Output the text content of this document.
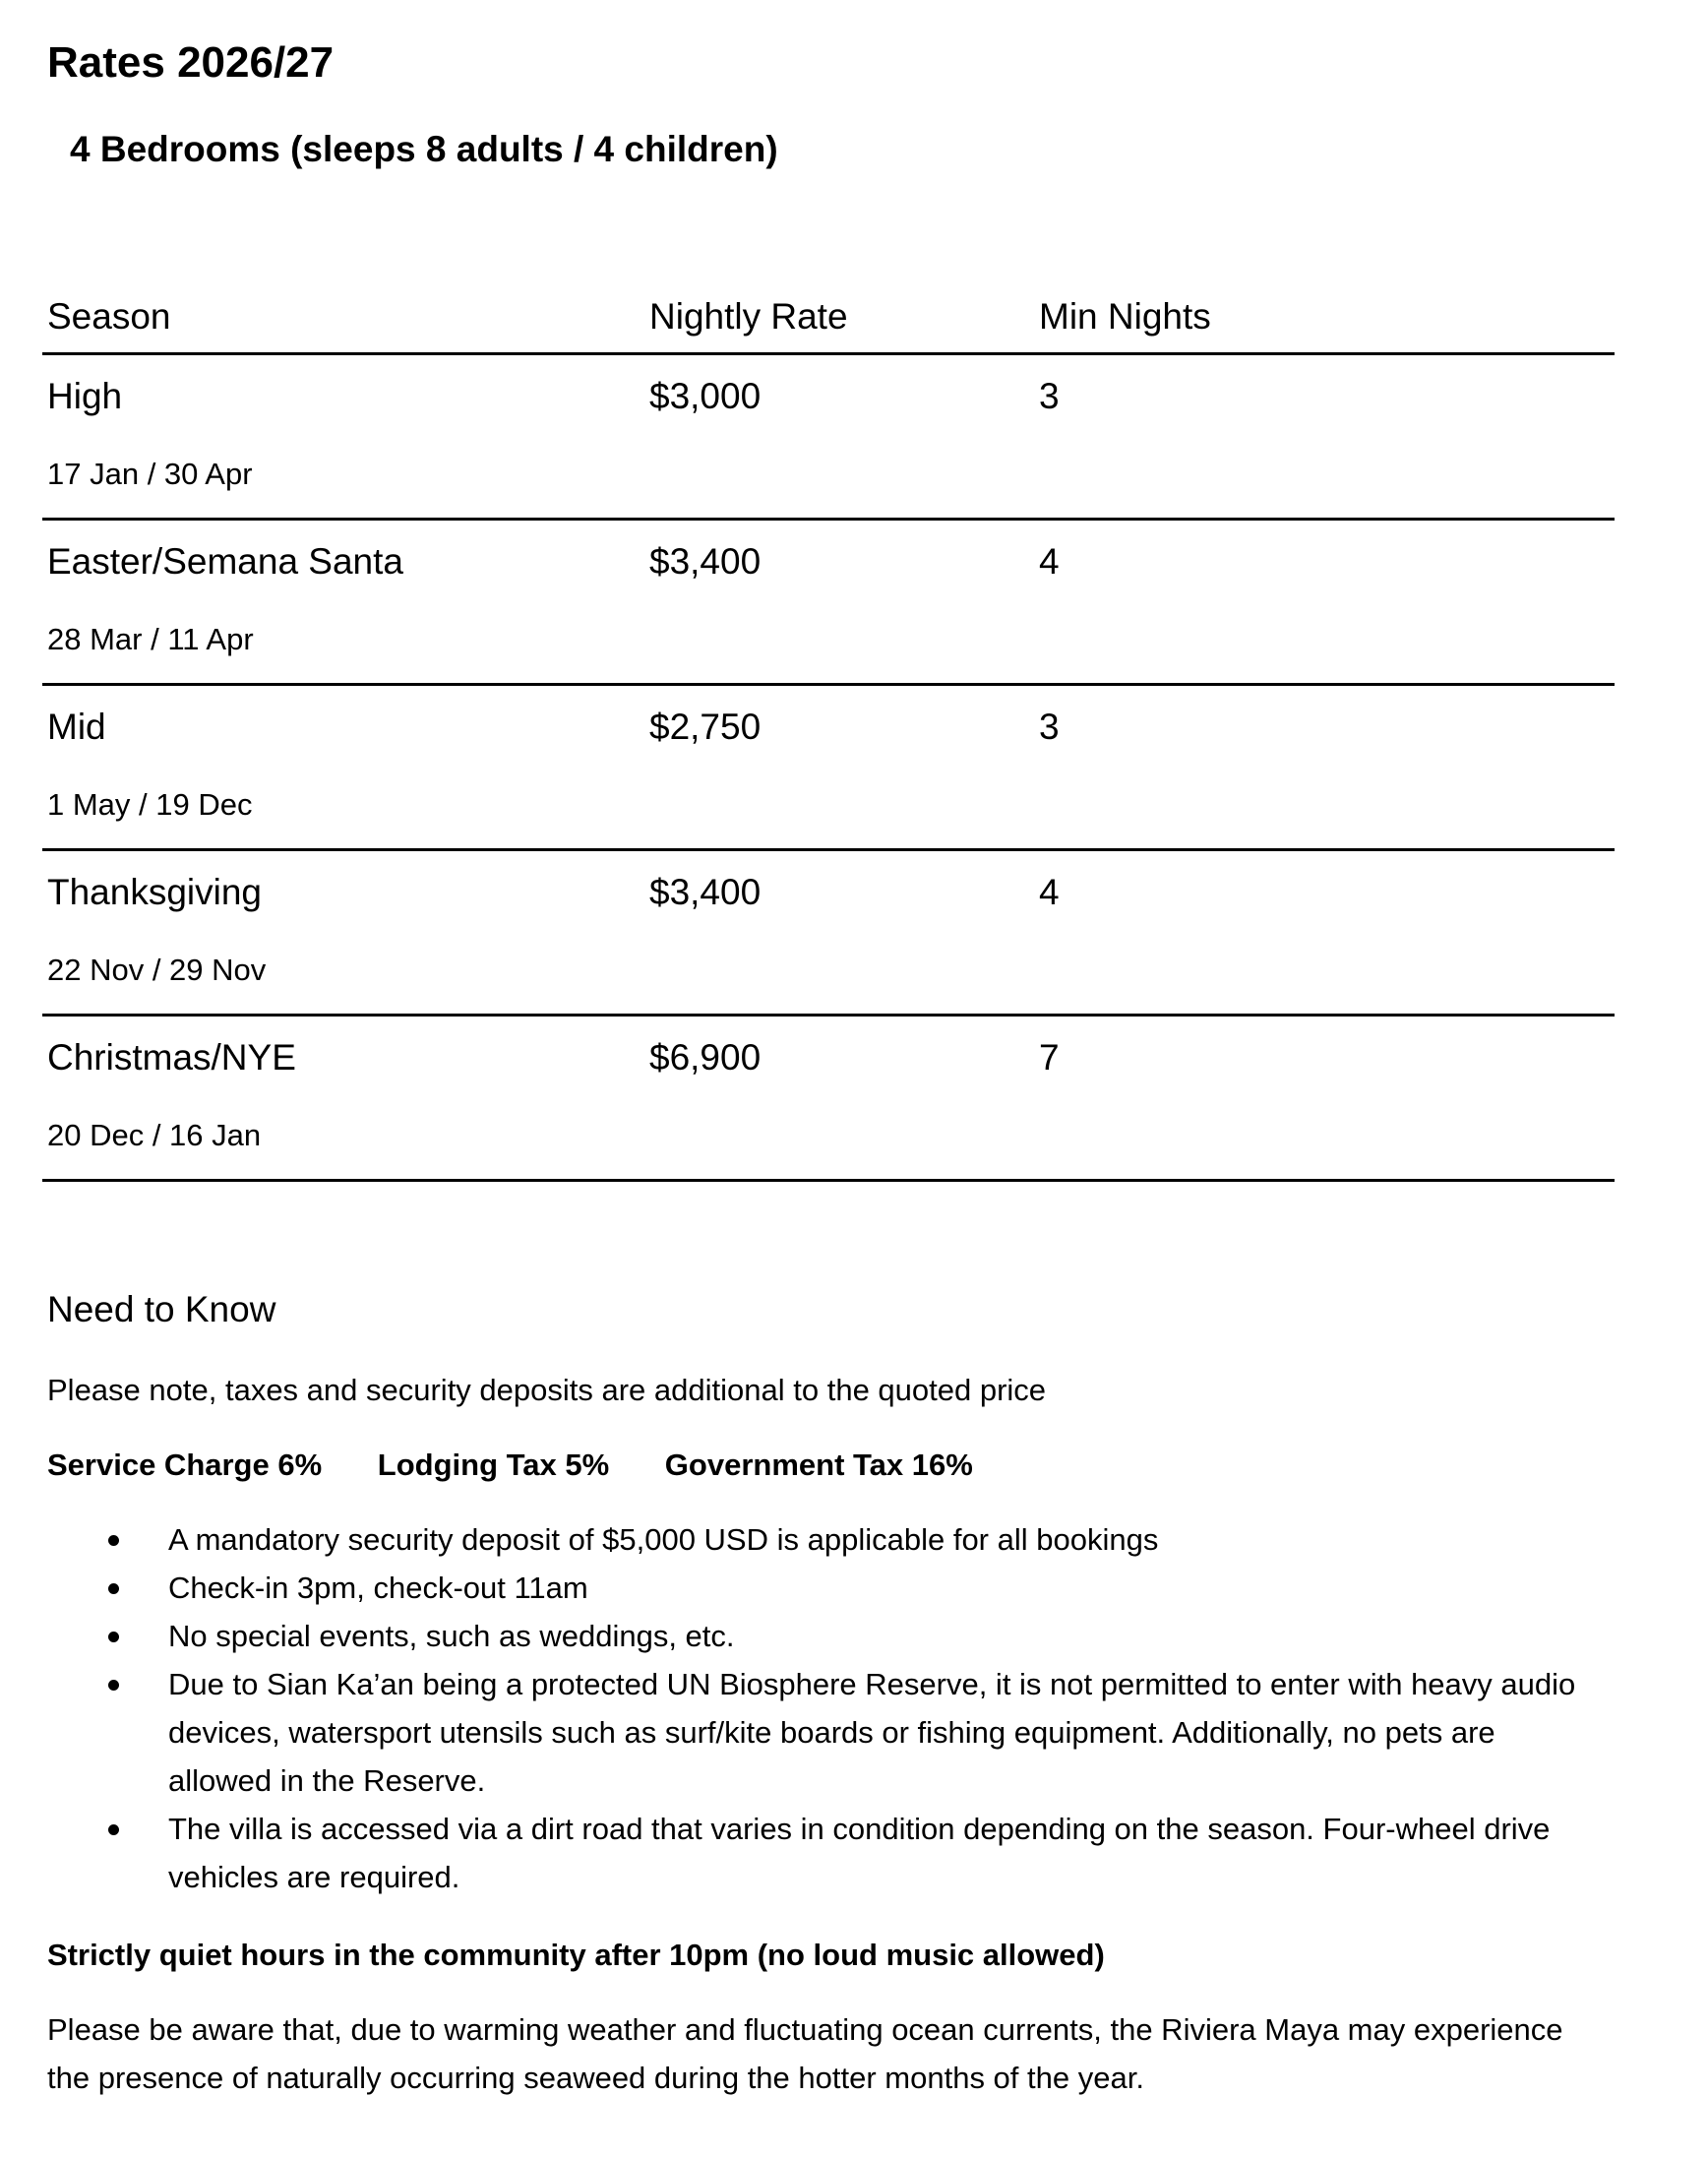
Rates 2026/27
4 Bedrooms (sleeps 8 adults / 4 children)
Season	Nightly Rate	Min Nights
High	$3,000	3
17 Jan / 30 Apr
Easter/Semana Santa	$3,400	4
28 Mar / 11 Apr
Mid	$2,750	3
1 May / 19 Dec
Thanksgiving	$3,400	4
22 Nov / 29 Nov
Christmas/NYE	$6,900	7
20 Dec / 16 Jan
Need to Know

Please note, taxes and security deposits are additional to the quoted price

Service Charge 6% Lodging Tax 5% Government Tax 16%

A mandatory security deposit of $5,000 USD is applicable for all bookings
Check-in 3pm, check-out 11am
No special events, such as weddings, etc.
Due to Sian Ka’an being a protected UN Biosphere Reserve, it is not permitted to enter with heavy audio devices, watersport utensils such as surf/kite boards or fishing equipment. Additionally, no pets are allowed in the Reserve.
The villa is accessed via a dirt road that varies in condition depending on the season. Four-wheel drive vehicles are required.

Strictly quiet hours in the community after 10pm (no loud music allowed)

Please be aware that, due to warming weather and fluctuating ocean currents, the Riviera Maya may experience the presence of naturally occurring seaweed during the hotter months of the year.
